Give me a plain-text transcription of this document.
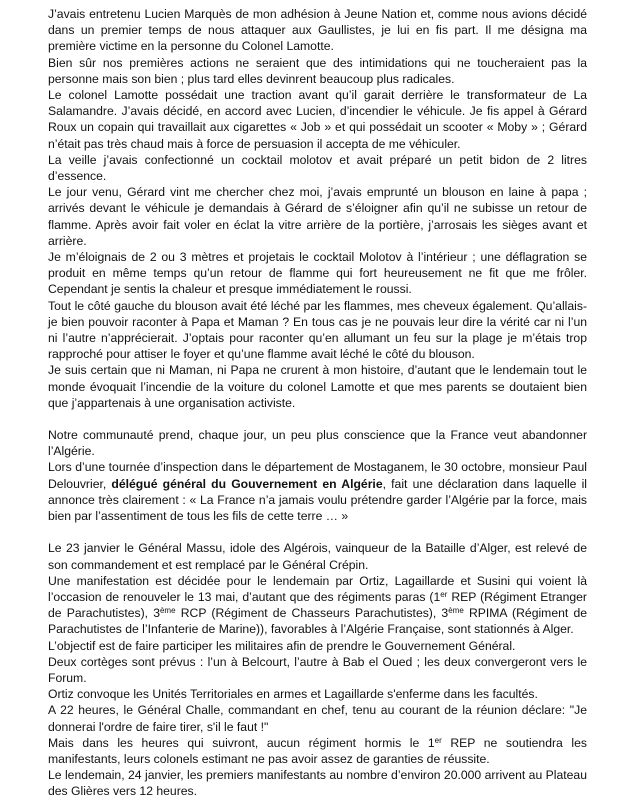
J’avais entretenu Lucien Marquès de mon adhésion à Jeune Nation et, comme nous avions décidé dans un premier temps de nous attaquer aux Gaullistes, je lui en fis part. Il me désigna ma première victime en la personne du Colonel Lamotte.

Bien sûr nos premières actions ne seraient que des intimidations qui ne toucheraient pas la personne mais son bien ; plus tard elles devinrent beaucoup plus radicales.

Le colonel Lamotte possédait une traction avant qu’il garait derrière le transformateur de La Salamandre. J’avais décidé, en accord avec Lucien, d’incendier le véhicule. Je fis appel à Gérard Roux un copain qui travaillait aux cigarettes « Job » et qui possédait un scooter « Moby » ; Gérard n’était pas très chaud mais à force de persuasion il accepta de me véhiculer.

La veille j’avais confectionné un cocktail molotov et avait préparé un petit bidon de 2 litres d’essence.

Le jour venu, Gérard vint me chercher chez moi, j’avais emprunté un blouson en laine à papa ; arrivés devant le véhicule je demandais à Gérard de s’éloigner afin qu’il ne subisse un retour de flamme. Après avoir fait voler en éclat la vitre arrière de la portière, j’arrosais les sièges avant et arrière.

Je m’éloignais de 2 ou 3 mètres et projetais le cocktail Molotov à l’intérieur ; une déflagration se produit en même temps qu’un retour de flamme qui fort heureusement ne fit que me frôler. Cependant je sentis la chaleur et presque immédiatement le roussi.

Tout le côté gauche du blouson avait été léché par les flammes, mes cheveux également. Qu’allais-je bien pouvoir raconter à Papa et Maman ? En tous cas je ne pouvais leur dire la vérité car ni l’un ni l’autre n’apprécierait. J’optais pour raconter qu’en allumant un feu sur la plage je m’étais trop rapproché pour attiser le foyer et qu’une flamme avait léché le côté du blouson.

Je suis certain que ni Maman, ni Papa ne crurent à mon histoire, d’autant que le lendemain tout le monde évoquait l’incendie de la voiture du colonel Lamotte et que mes parents se doutaient bien que j’appartenais à une organisation activiste.

Notre communauté prend, chaque jour, un peu plus conscience que la France veut abandonner l’Algérie.

Lors d’une tournée d’inspection dans le département de Mostaganem, le 30 octobre, monsieur Paul Delouvrier, délégué général du Gouvernement en Algérie, fait une déclaration dans laquelle il annonce très clairement : « La France n’a jamais voulu prétendre garder l’Algérie par la force, mais bien par l’assentiment de tous les fils de cette terre … »

Le 23 janvier le Général Massu, idole des Algérois, vainqueur de la Bataille d’Alger, est relevé de son commandement et est remplacé par le Général Crépin.

Une manifestation est décidée pour le lendemain par Ortiz, Lagaillarde et Susini qui voient là l’occasion de renouveler le 13 mai, d’autant que des régiments paras (1er REP (Régiment Etranger de Parachutistes), 3ème RCP (Régiment de Chasseurs Parachutistes), 3ème RPIMA (Régiment de Parachutistes de l’Infanterie de Marine)), favorables à l’Algérie Française, sont stationnés à Alger.

L’objectif est de faire participer les militaires afin de prendre le Gouvernement Général.

Deux cortèges sont prévus : l’un à Belcourt, l’autre à Bab el Oued ; les deux convergeront vers le Forum.

Ortiz convoque les Unités Territoriales en armes et Lagaillarde s'enferme dans les facultés.

A 22 heures, le Général Challe, commandant en chef, tenu au courant de la réunion déclare: "Je donnerai l'ordre de faire tirer, s'il le faut !"

Mais dans les heures qui suivront, aucun régiment hormis le 1er REP ne soutiendra les manifestants, leurs colonels estimant ne pas avoir assez de garanties de réussite.

Le lendemain, 24 janvier, les premiers manifestants au nombre d’environ 20.000 arrivent au Plateau des Glières vers 12 heures.
